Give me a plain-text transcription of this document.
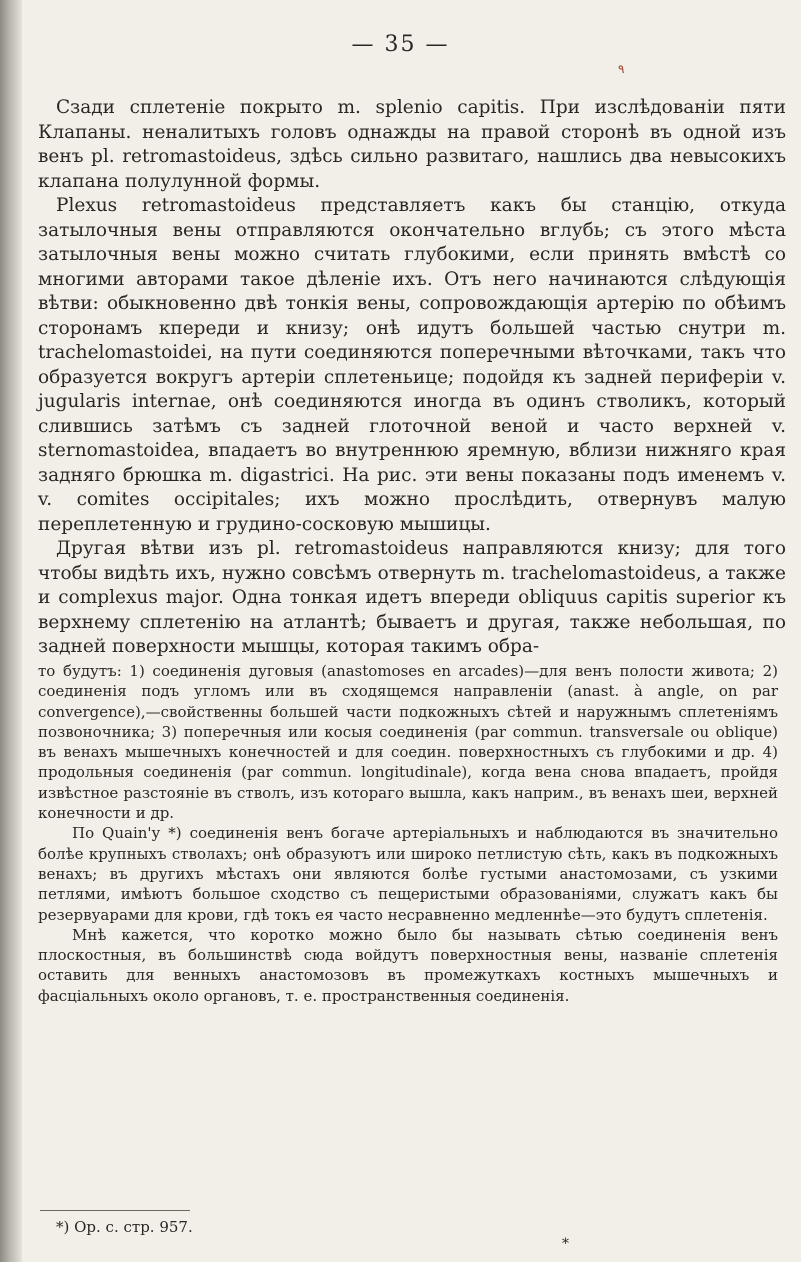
— 35 —
۹

Сзади сплетеніе покрыто m. splenio capitis. При изслѣдованіи пяти Клапаны. неналитыхъ головъ однажды на правой сторонѣ въ одной изъ венъ pl. retromastoideus, здѣсь сильно развитаго, нашлись два невысокихъ клапана полулунной формы.

Plexus retromastoideus представляетъ какъ бы станцію, откуда затылочныя вены отправляются окончательно вглубь; съ этого мѣста затылочныя вены можно считать глубокими, если принять вмѣстѣ со многими авторами такое дѣленіе ихъ. Отъ него начинаются слѣдующія вѣтви: обыкновенно двѣ тонкія вены, сопровождающія артерію по обѣимъ сторонамъ кпереди и книзу; онѣ идутъ большей частью снутри m. trachelomastoidei, на пути соединяются поперечными вѣточками, такъ что образуется вокругъ артеріи сплетеньице; подойдя къ задней периферіи v. jugularis internae, онѣ соединяются иногда въ одинъ стволикъ, который слившись затѣмъ съ задней глоточной веной и часто верхней v. sternomastoidea, впадаетъ во внутреннюю яремную, вблизи нижняго края задняго брюшка m. digastrici. На рис. эти вены показаны подъ именемъ v. v. comites occipitales; ихъ можно прослѣдить, отвернувъ малую переплетенную и грудино-сосковую мышицы.

Другая вѣтви изъ pl. retromastoideus направляются книзу; для того чтобы видѣть ихъ, нужно совсѣмъ отвернуть m. trachelomastoideus, а также и complexus major. Одна тонкая идетъ впереди obliquus capitis superior къ верхнему сплетенію на атлантѣ; бываетъ и другая, также небольшая, по задней поверхности мышцы, которая такимъ обра-

то будутъ: 1) соединенія дуговыя (anastomoses en arcades)—для венъ полости живота; 2) соединенія подъ угломъ или въ сходящемся направленіи (anast. à angle, on par convergence),—свойственны большей части подкожныхъ сѣтей и наружнымъ сплетеніямъ позвоночника; 3) поперечныя или косыя соединенія (par commun. transversale ou oblique) въ венахъ мышечныхъ конечностей и для соедин. поверхностныхъ съ глубокими и др. 4) продольныя соединенія (par commun. longitudinale), когда вена снова впадаетъ, пройдя извѣстное разстояніе въ стволъ, изъ котораго вышла, какъ наприм., въ венахъ шеи, верхней конечности и др.

По Quain'у *) соединенія венъ богаче артеріальныхъ и наблюдаются въ значительно болѣе крупныхъ стволахъ; онѣ образуютъ или широко петлистую сѣть, какъ въ подкожныхъ венахъ; въ другихъ мѣстахъ они являются болѣе густыми анастомозами, съ узкими петлями, имѣютъ большое сходство съ пещеристыми образованіями, служатъ какъ бы резервуарами для крови, гдѣ токъ ея часто несравненно медленнѣе—это будутъ сплетенія.

Мнѣ кажется, что коротко можно было бы называть сѣтью соединенія венъ плоскостныя, въ большинствѣ сюда войдутъ поверхностныя вены, названіе сплетенія оставить для венныхъ анастомозовъ въ промежуткахъ костныхъ мышечныхъ и фасціальныхъ около органовъ, т. е. пространственныя соединенія.

*) Op. c. стр. 957.
*
